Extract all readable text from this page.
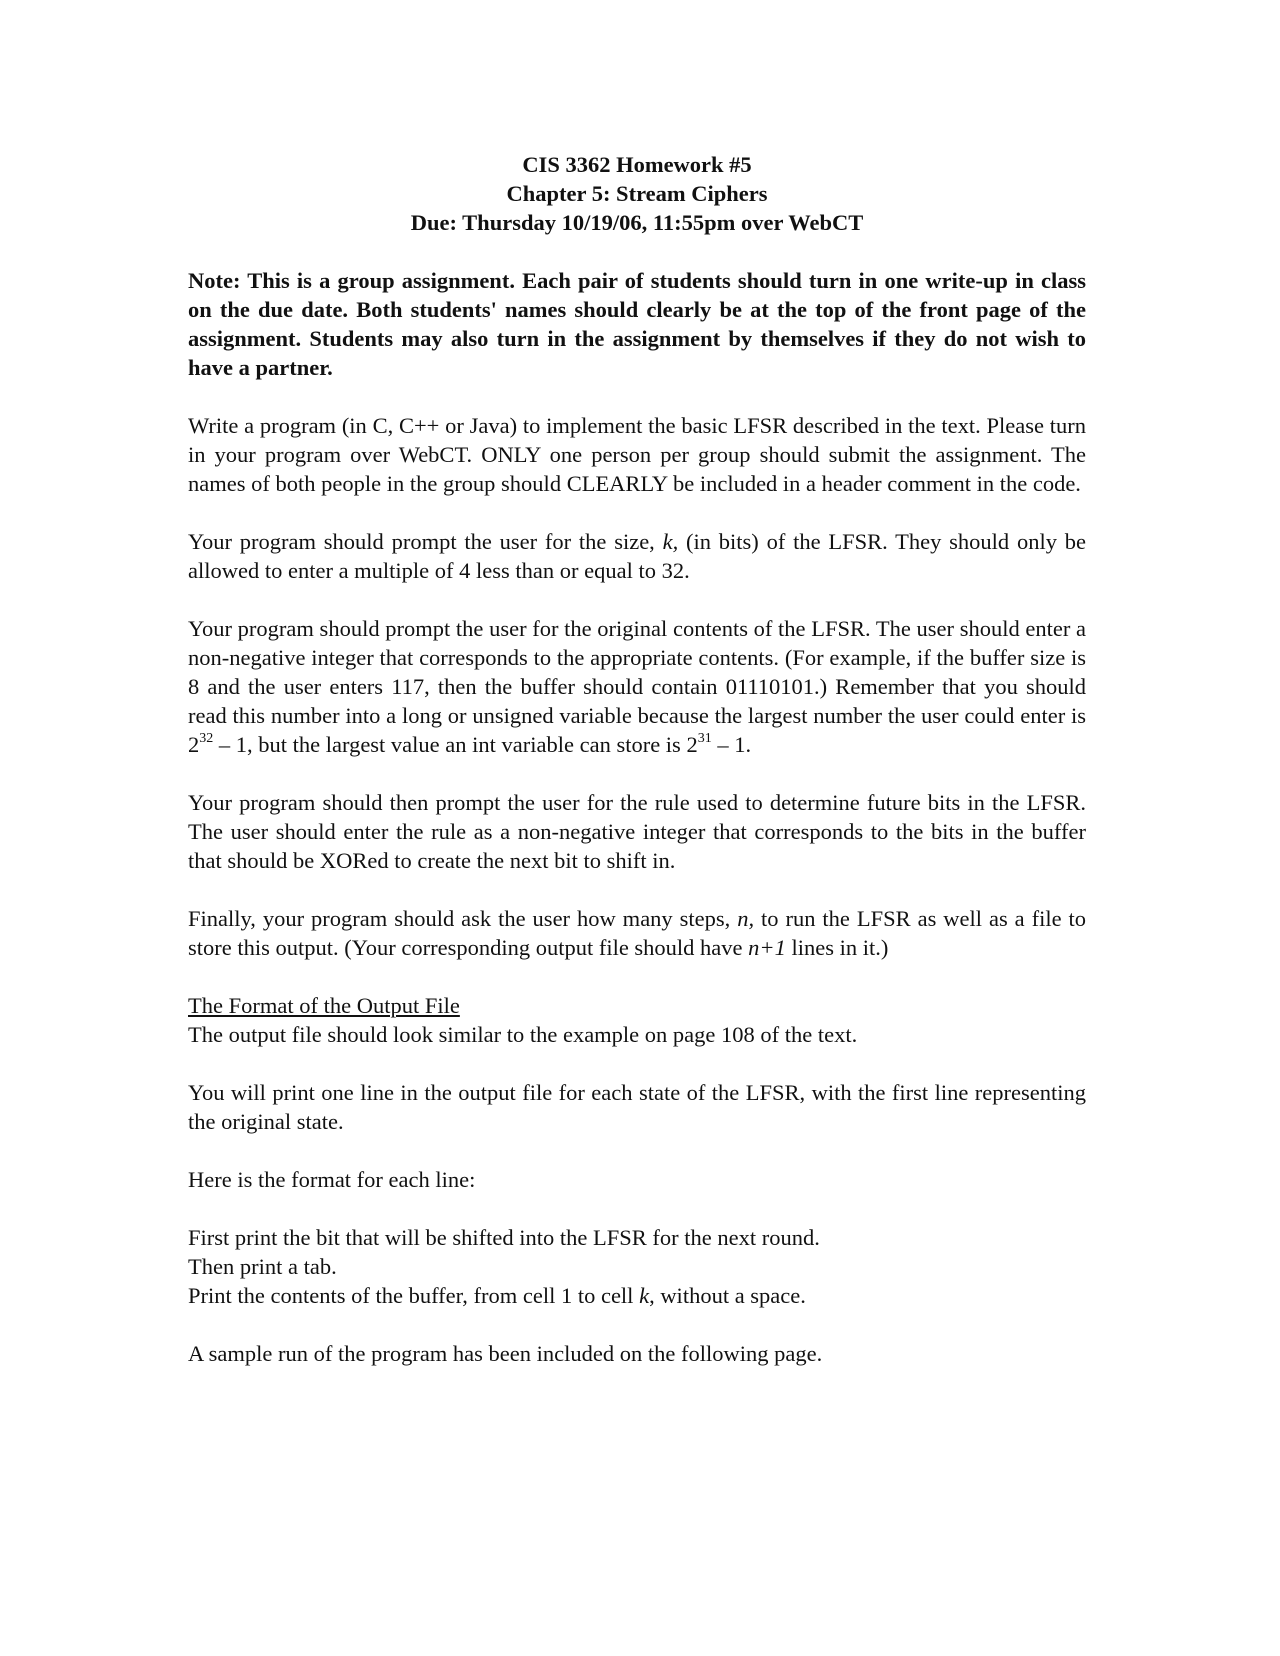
CIS 3362 Homework #5
Chapter 5: Stream Ciphers
Due: Thursday 10/19/06, 11:55pm over WebCT
Note: This is a group assignment. Each pair of students should turn in one write-up in class on the due date. Both students' names should clearly be at the top of the front page of the assignment. Students may also turn in the assignment by themselves if they do not wish to have a partner.

Write a program (in C, C++ or Java) to implement the basic LFSR described in the text. Please turn in your program over WebCT. ONLY one person per group should submit the assignment. The names of both people in the group should CLEARLY be included in a header comment in the code.

Your program should prompt the user for the size, k, (in bits) of the LFSR. They should only be allowed to enter a multiple of 4 less than or equal to 32.

Your program should prompt the user for the original contents of the LFSR. The user should enter a non-negative integer that corresponds to the appropriate contents. (For example, if the buffer size is 8 and the user enters 117, then the buffer should contain 01110101.) Remember that you should read this number into a long or unsigned variable because the largest number the user could enter is $2^{32} - 1$, but the largest value an int variable can store is $2^{31} - 1$.

Your program should then prompt the user for the rule used to determine future bits in the LFSR. The user should enter the rule as a non-negative integer that corresponds to the bits in the buffer that should be XORed to create the next bit to shift in.

Finally, your program should ask the user how many steps, n, to run the LFSR as well as a file to store this output. (Your corresponding output file should have n+1 lines in it.)

The Format of the Output File
The output file should look similar to the example on page 108 of the text.

You will print one line in the output file for each state of the LFSR, with the first line representing the original state.

Here is the format for each line:

First print the bit that will be shifted into the LFSR for the next round.
Then print a tab.
Print the contents of the buffer, from cell 1 to cell k, without a space.

A sample run of the program has been included on the following page.
